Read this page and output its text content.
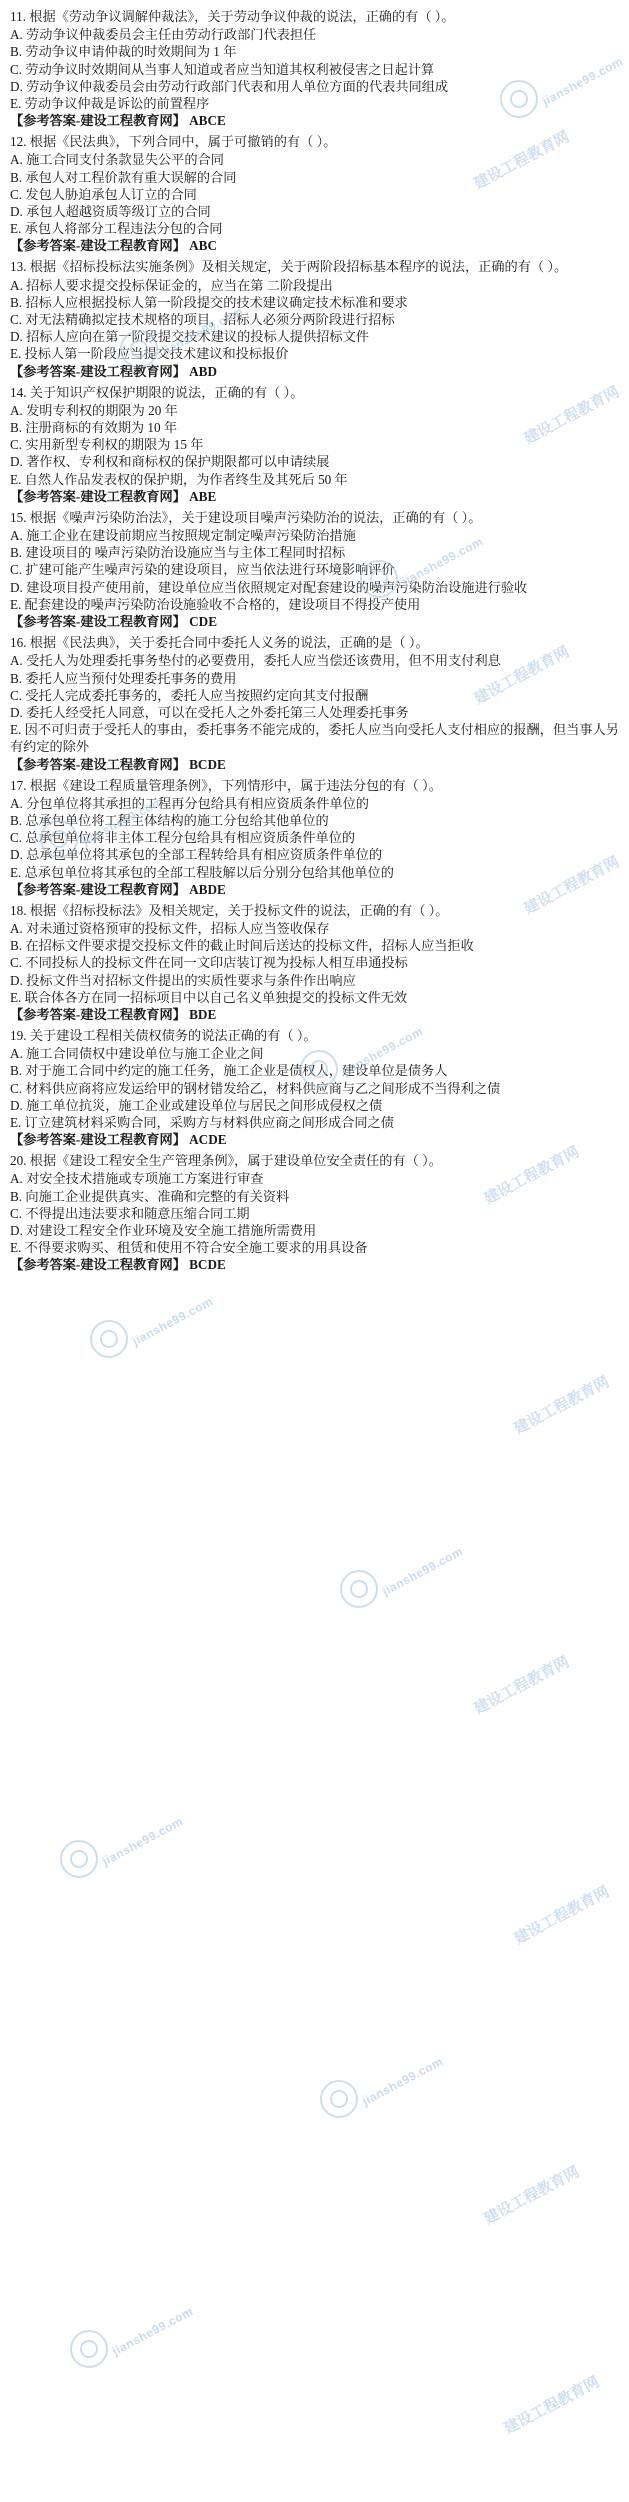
11. 根据《劳动争议调解仲裁法》，关于劳动争议仲裁的说法，正确的有（ ）。

A. 劳动争议仲裁委员会主任由劳动行政部门代表担任

B. 劳动争议申请仲裁的时效期间为 1 年

C. 劳动争议时效期间从当事人知道或者应当知道其权利被侵害之日起计算

D. 劳动争议仲裁委员会由劳动行政部门代表和用人单位方面的代表共同组成

E. 劳动争议仲裁是诉讼的前置程序

【参考答案-建设工程教育网】 ABCE

12. 根据《民法典》，下列合同中，属于可撤销的有（ ）。

A. 施工合同支付条款显失公平的合同

B. 承包人对工程价款有重大误解的合同

C. 发包人胁迫承包人订立的合同

D. 承包人超越资质等级订立的合同

E. 承包人将部分工程违法分包的合同

【参考答案-建设工程教育网】 ABC

13. 根据《招标投标法实施条例》及相关规定，关于两阶段招标基本程序的说法，正确的有（ ）。

A. 招标人要求提交投标保证金的，应当在第 二阶段提出

B. 招标人应根据投标人第一阶段提交的技术建议确定技术标准和要求

C. 对无法精确拟定技术规格的项目，招标人必须分两阶段进行招标

D. 招标人应向在第一阶段提交技术建议的投标人提供招标文件

E. 投标人第一阶段应当提交技术建议和投标报价

【参考答案-建设工程教育网】 ABD

14. 关于知识产权保护期限的说法，正确的有（ ）。

A. 发明专利权的期限为 20 年

B. 注册商标的有效期为 10 年

C. 实用新型专利权的期限为 15 年

D. 著作权、专利权和商标权的保护期限都可以申请续展

E. 自然人作品发表权的保护期，为作者终生及其死后 50 年

【参考答案-建设工程教育网】 ABE

15. 根据《噪声污染防治法》，关于建设项目噪声污染防治的说法，正确的有（ ）。

A. 施工企业在建设前期应当按照规定制定噪声污染防治措施

B. 建设项目的 噪声污染防治设施应当与主体工程同时招标

C. 扩建可能产生噪声污染的建设项目，应当依法进行环境影响评价

D. 建设项目投产使用前，建设单位应当依照规定对配套建设的噪声污染防治设施进行验收

E. 配套建设的噪声污染防治设施验收不合格的，建设项目不得投产使用

【参考答案-建设工程教育网】 CDE

16. 根据《民法典》，关于委托合同中委托人义务的说法，正确的是（ ）。

A. 受托人为处理委托事务垫付的必要费用，委托人应当偿还该费用，但不用支付利息

B. 委托人应当预付处理委托事务的费用

C. 受托人完成委托事务的，委托人应当按照约定向其支付报酬

D. 委托人经受托人同意，可以在受托人之外委托第三人处理委托事务

E. 因不可归责于受托人的事由，委托事务不能完成的，委托人应当向受托人支付相应的报酬，但当事人另有约定的除外

【参考答案-建设工程教育网】 BCDE

17. 根据《建设工程质量管理条例》，下列情形中，属于违法分包的有（ ）。

A. 分包单位将其承担的工程再分包给具有相应资质条件单位的

B. 总承包单位将工程主体结构的施工分包给其他单位的

C. 总承包单位将非主体工程分包给具有相应资质条件单位的

D. 总承包单位将其承包的全部工程转给具有相应资质条件单位的

E. 总承包单位将其承包的全部工程肢解以后分别分包给其他单位的

【参考答案-建设工程教育网】 ABDE

18. 根据《招标投标法》及相关规定，关于投标文件的说法，正确的有（ ）。

A. 对未通过资格预审的投标文件，招标人应当签收保存

B. 在招标文件要求提交投标文件的截止时间后送达的投标文件，招标人应当拒收

C. 不同投标人的投标文件在同一文印店装订视为投标人相互串通投标

D. 投标文件当对招标文件提出的实质性要求与条件作出响应

E. 联合体各方在同一招标项目中以自己名义单独提交的投标文件无效

【参考答案-建设工程教育网】 BDE

19. 关于建设工程相关债权债务的说法正确的有（ ）。

A. 施工合同债权中建设单位与施工企业之间

B. 对于施工合同中约定的施工任务，施工企业是债权人，建设单位是债务人

C. 材料供应商将应发运给甲的钢材错发给乙，材料供应商与乙之间形成不当得利之债

D. 施工单位抗災，施工企业或建设单位与居民之间形成侵权之债

E. 订立建筑材料采购合同，采购方与材料供应商之间形成合同之债

【参考答案-建设工程教育网】 ACDE

20. 根据《建设工程安全生产管理条例》，属于建设单位安全责任的有（ ）。

A. 对安全技术措施或专项施工方案进行审查

B. 向施工企业提供真实、准确和完整的有关资料

C. 不得提出违法要求和随意压缩合同工期

D. 对建设工程安全作业环境及安全施工措施所需费用

E. 不得要求购买、租赁和使用不符合安全施工要求的用具设备

【参考答案-建设工程教育网】 BCDE

jianshe99.com
建设工程教育网
jianshe99.com
建设工程教育网
jianshe99.com
建设工程教育网
jianshe99.com
建设工程教育网
jianshe99.com
建设工程教育网
jianshe99.com
建设工程教育网
jianshe99.com
建设工程教育网
jianshe99.com
建设工程教育网
jianshe99.com
建设工程教育网
jianshe99.com
建设工程教育网
